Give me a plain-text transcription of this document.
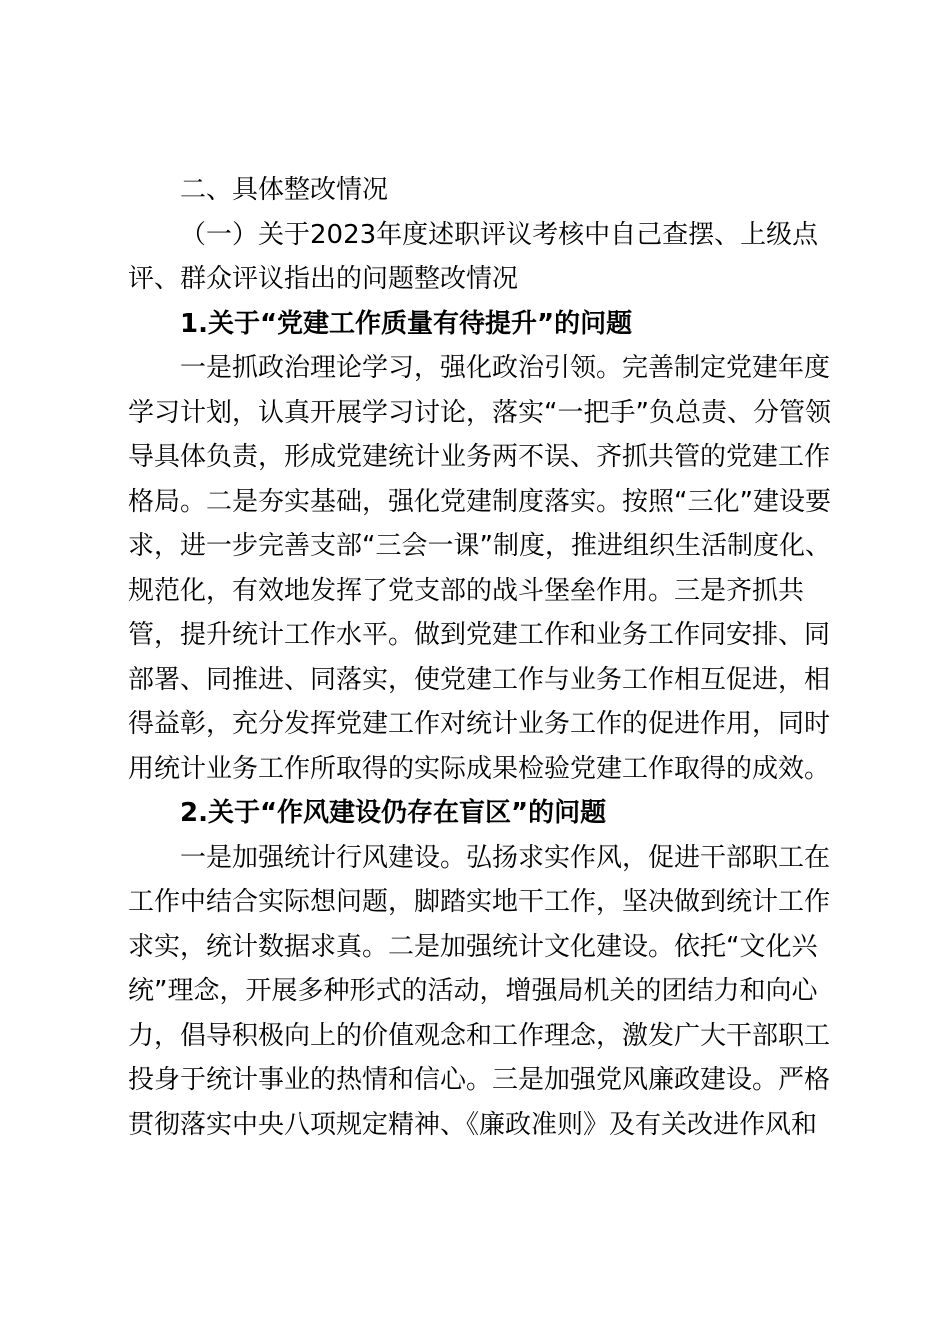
二、具体整改情况
（一）关于2023年度述职评议考核中自己查摆、上级点
评、群众评议指出的问题整改情况
1.关于“党建工作质量有待提升”的问题
一是抓政治理论学习，强化政治引领。完善制定党建年度
学习计划，认真开展学习讨论，落实“一把手”负总责、分管领
导具体负责，形成党建统计业务两不误、齐抓共管的党建工作
格局。二是夯实基础，强化党建制度落实。按照“三化”建设要
求，进一步完善支部“三会一课”制度，推进组织生活制度化、
规范化，有效地发挥了党支部的战斗堡垒作用。三是齐抓共
管，提升统计工作水平。做到党建工作和业务工作同安排、同
部署、同推进、同落实，使党建工作与业务工作相互促进，相
得益彰，充分发挥党建工作对统计业务工作的促进作用，同时
用统计业务工作所取得的实际成果检验党建工作取得的成效。
2.关于“作风建设仍存在盲区”的问题
一是加强统计行风建设。弘扬求实作风，促进干部职工在
工作中结合实际想问题，脚踏实地干工作，坚决做到统计工作
求实，统计数据求真。二是加强统计文化建设。依托“文化兴
统”理念，开展多种形式的活动，增强局机关的团结力和向心
力，倡导积极向上的价值观念和工作理念，激发广大干部职工
投身于统计事业的热情和信心。三是加强党风廉政建设。严格
贯彻落实中央八项规定精神、《廉政准则》及有关改进作风和
